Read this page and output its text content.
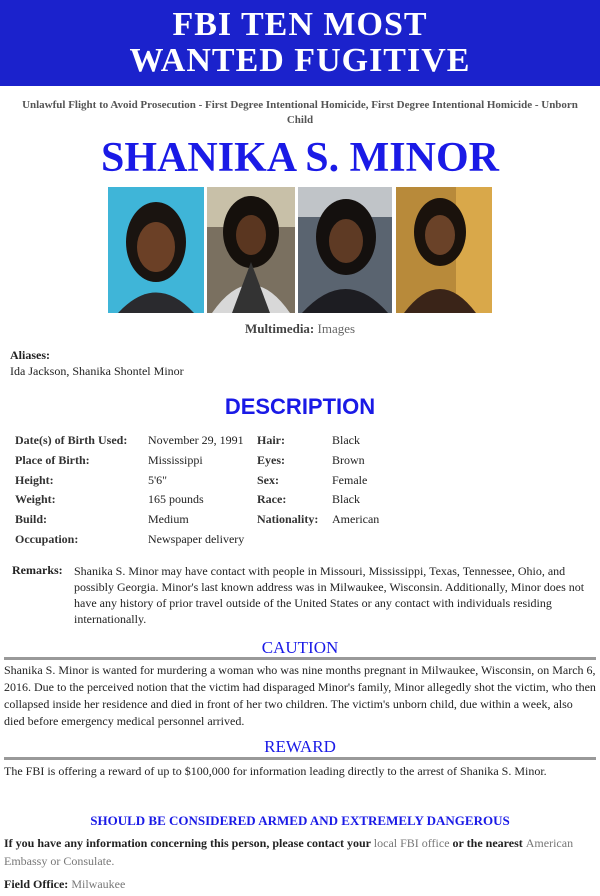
FBI TEN MOST
WANTED FUGITIVE
Unlawful Flight to Avoid Prosecution - First Degree Intentional Homicide, First Degree Intentional Homicide - Unborn Child
SHANIKA S. MINOR
Multimedia: Images
Aliases:
Ida Jackson, Shanika Shontel Minor
DESCRIPTION
Date(s) of Birth Used: November 29, 1991 Hair:	Black
Place of Birth:	Mississippi	Eyes:	Brown
Height:	5'6"	Sex:	Female
Weight:	165 pounds	Race:	Black
Build:	Medium	Nationality: American
Occupation:	Newspaper delivery
Remarks: Shanika S. Minor may have contact with people in Missouri, Mississippi, Texas, Tennessee, Ohio, and possibly Georgia. Minor's last known address was in Milwaukee, Wisconsin. Additionally, Minor does not have any history of prior travel outside of the United States or any contact with individuals residing internationally.
CAUTION
Shanika S. Minor is wanted for murdering a woman who was nine months pregnant in Milwaukee, Wisconsin, on March 6, 2016. Due to the perceived notion that the victim had disparaged Minor's family, Minor allegedly shot the victim, who then collapsed inside her residence and died in front of her two children. The victim's unborn child, due within a week, also died before emergency medical personnel arrived.
REWARD
The FBI is offering a reward of up to $100,000 for information leading directly to the arrest of Shanika S. Minor.
SHOULD BE CONSIDERED ARMED AND EXTREMELY DANGEROUS
If you have any information concerning this person, please contact your local FBI office or the nearest American Embassy or Consulate.
Field Office: Milwaukee
